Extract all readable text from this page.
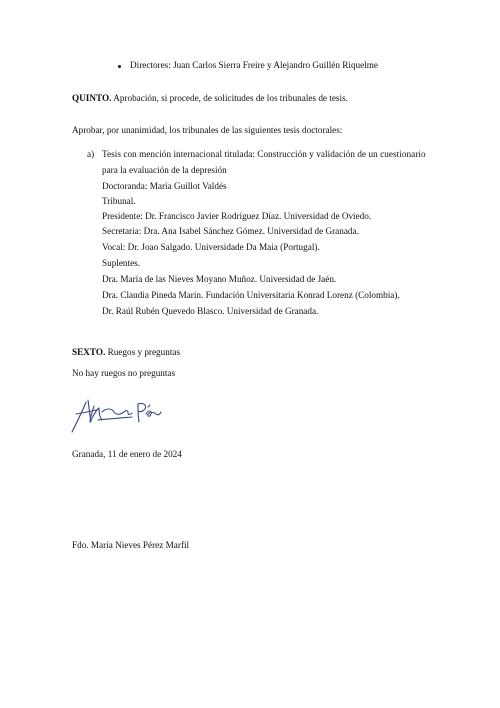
Directores: Juan Carlos Sierra Freire y Alejandro Guillén Riquelme
QUINTO. Aprobación, si procede, de solicitudes de los tribunales de tesis.
Aprobar, por unanimidad, los tribunales de las siguientes tesis doctorales:
a) Tesis con mención internacional titulada: Construcción y validación de un cuestionario
para la evaluación de la depresión
Doctoranda: María Guillot Valdés
Tribunal.
Presidente: Dr. Francisco Javier Rodríguez Díaz. Universidad de Oviedo.
Secretaria: Dra. Ana Isabel Sánchez Gómez. Universidad de Granada.
Vocal: Dr. Joao Salgado. Universidade Da Maia (Portugal).
Suplentes.
Dra. María de las Nieves Moyano Muñoz. Universidad de Jaén.
Dra. Claudia Pineda Marín. Fundación Universitaria Konrad Lorenz (Colombia).
Dr. Raúl Rubén Quevedo Blasco. Universidad de Granada.
SEXTO. Ruegos y preguntas
No hay ruegos no preguntas
Granada, 11 de enero de 2024
Fdo. María Nieves Pérez Marfil
